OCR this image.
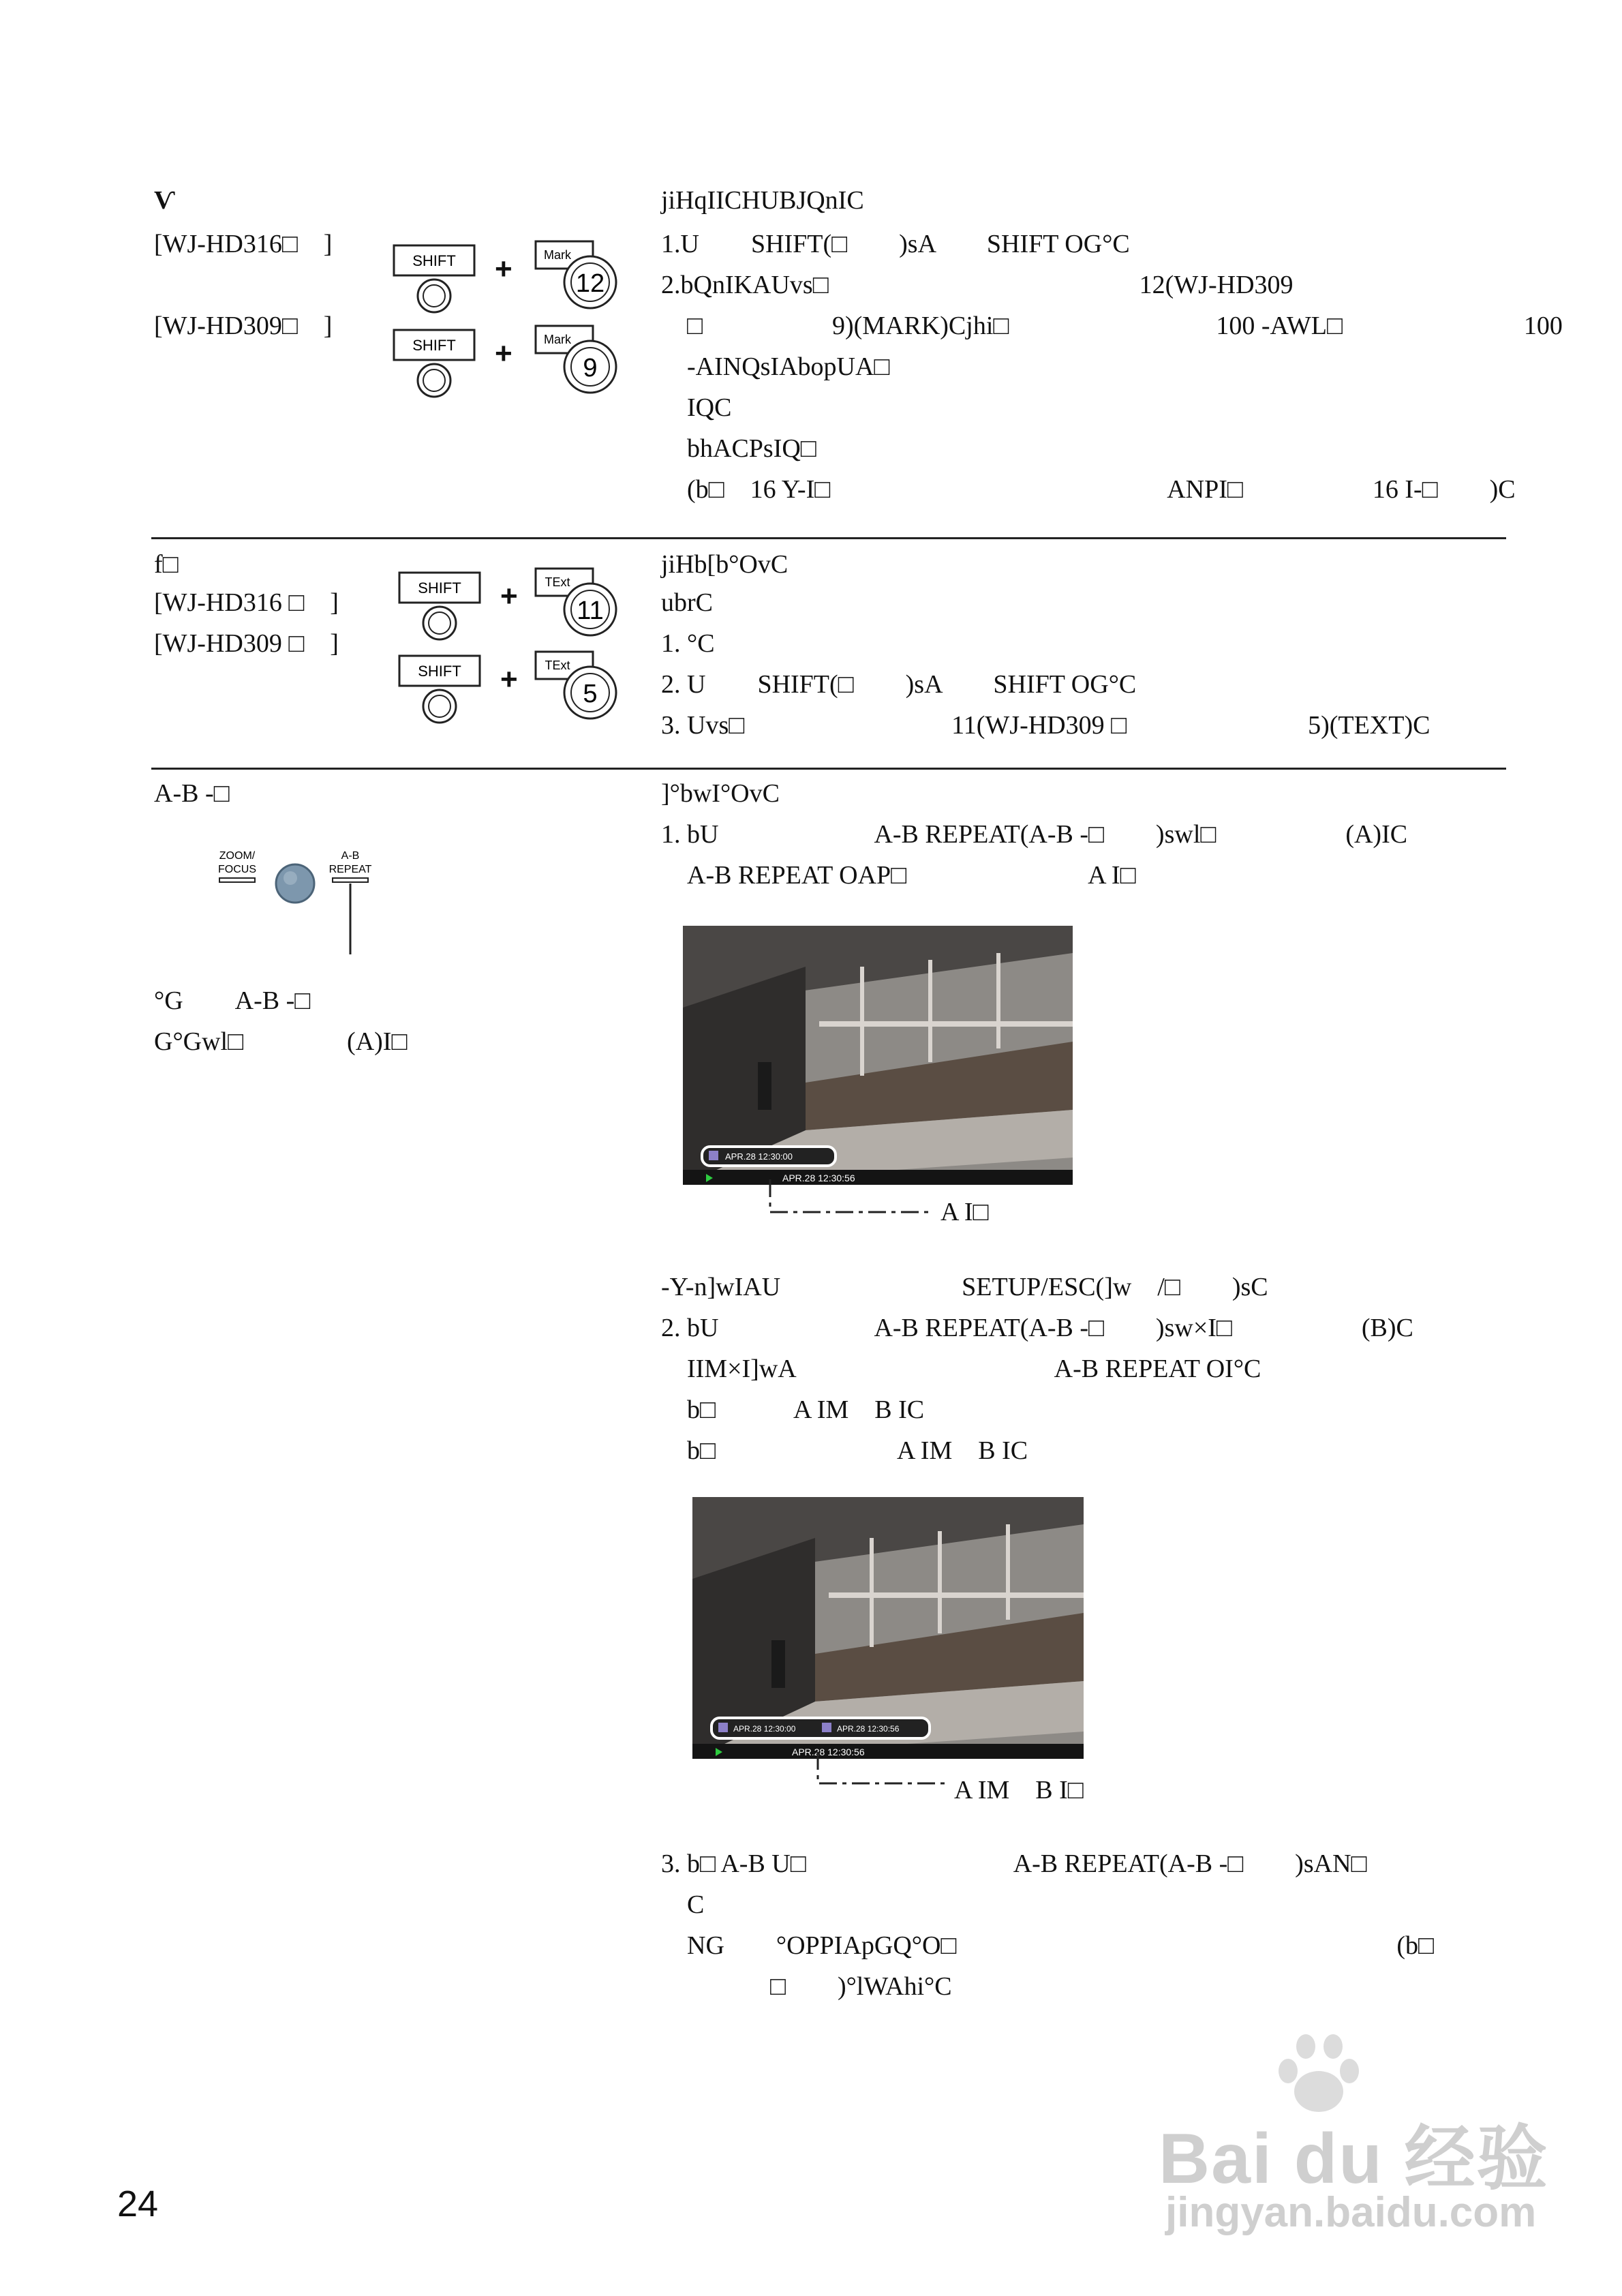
Ѵ
[WJ-HD316□　]
[WJ-HD309□　]
SHIFT +	Mark
12
SHIFT +	Mark
9
jiHqIICHUBJQnIC
1.U　　SHIFT(□　　)sA　　SHIFT OG°C
2.bQnIKAUvs□　　　　　　　　　　　　12(WJ-HD309
□　　　　　9)(MARK)Cjhi□　　　　　　　　100 -AWL□　　　　　　　100
-AINQsIAbopUA□
IQC
bhACPsIQ□
(b□　16 Y-I□　　　　　　　　　　　　　ANPI□　　　　　16 I-□　　)C
f□
[WJ-HD316 □　]
[WJ-HD309 □　]
SHIFT + TExt
11
SHIFT + TExt
5
jiHb[b°OvC
ubrC
1. °C
2. U　　SHIFT(□　　)sA　　SHIFT OG°C
3. Uvs□　　　　　　　　11(WJ-HD309 □　　　　　　　5)(TEXT)C
A-B -□
ZOOM/
FOCUS
A-B
REPEAT
°G　　A-B -□
G°Gwl□　　　　(A)I□
]°bwI°OvC
1. bU　　　　　　A-B REPEAT(A-B -□　　)swl□　　　　　(A)IC
A-B REPEAT OAP□　　　　　　　A I□
APR.28 12:30:00
APR.28 12:30:56
A I□
-Y-n]wIAU　　　　　　　SETUP/ESC(]w　/□　　)sC
2. bU　　　　　　A-B REPEAT(A-B -□　　)sw×I□　　　　　(B)C
IIM×I]wA　　　　　　　　　　A-B REPEAT OI°C
b□　　　A IM　B IC
b□　　　　　　　A IM　B IC
APR.28 12:30:00	APR.28 12:30:56
APR.28 12:30:56
A IM　B I□
3. b□ A-B U□　　　　　　　　A-B REPEAT(A-B -□　　)sAN□
C
NG　　°OPPIApGQ°O□　　　　　　　　　　　　　　　　　(b□
□　　)°lWAhi°C
24
Bai du 经验
jingyan.baidu.com
